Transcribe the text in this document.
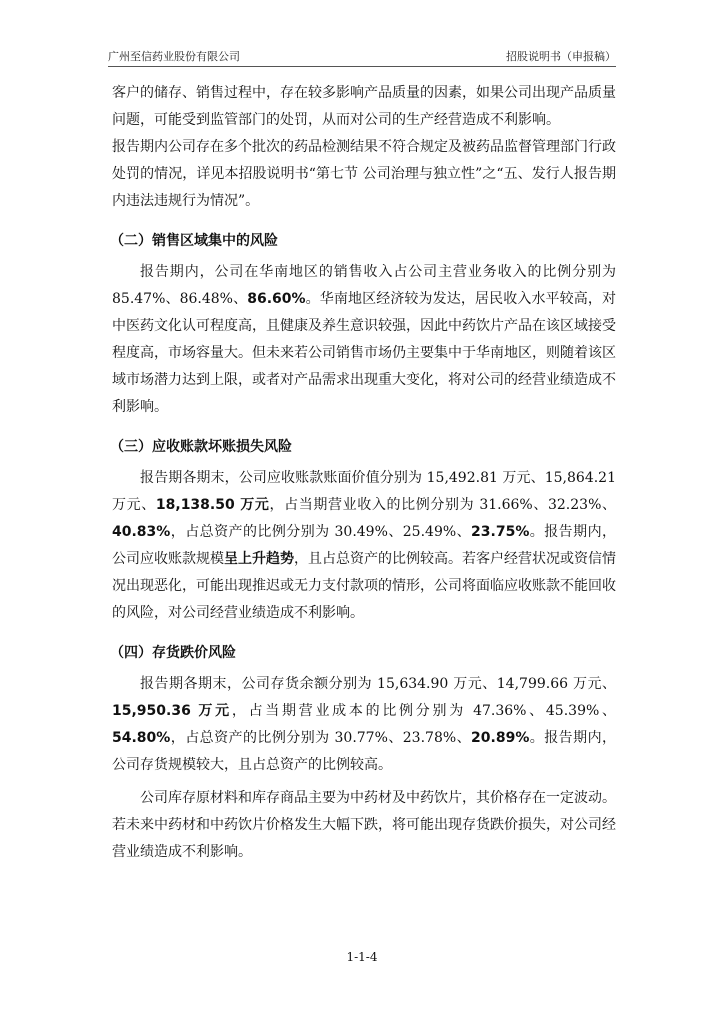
广州至信药业股份有限公司	招股说明书（申报稿）

客户的储存、销售过程中，存在较多影响产品质量的因素，如果公司出现产品质量问题，可能受到监管部门的处罚，从而对公司的生产经营造成不利影响。

报告期内公司存在多个批次的药品检测结果不符合规定及被药品监督管理部门行政处罚的情况，详见本招股说明书“第七节 公司治理与独立性”之“五、发行人报告期内违法违规行为情况”。

（二）销售区域集中的风险

报告期内，公司在华南地区的销售收入占公司主营业务收入的比例分别为85.47%、86.48%、86.60%。华南地区经济较为发达，居民收入水平较高，对中医药文化认可程度高，且健康及养生意识较强，因此中药饮片产品在该区域接受程度高，市场容量大。但未来若公司销售市场仍主要集中于华南地区，则随着该区域市场潜力达到上限，或者对产品需求出现重大变化，将对公司的经营业绩造成不利影响。

（三）应收账款坏账损失风险

报告期各期末，公司应收账款账面价值分别为 15,492.81 万元、15,864.21 万元、18,138.50 万元，占当期营业收入的比例分别为 31.66%、32.23%、40.83%，占总资产的比例分别为 30.49%、25.49%、23.75%。报告期内，公司应收账款规模呈上升趋势，且占总资产的比例较高。若客户经营状况或资信情况出现恶化，可能出现推迟或无力支付款项的情形，公司将面临应收账款不能回收的风险，对公司经营业绩造成不利影响。

（四）存货跌价风险

报告期各期末，公司存货余额分别为 15,634.90 万元、14,799.66 万元、15,950.36 万元，占当期营业成本的比例分别为 47.36%、45.39%、54.80%，占总资产的比例分别为 30.77%、23.78%、20.89%。报告期内，公司存货规模较大，且占总资产的比例较高。

公司库存原材料和库存商品主要为中药材及中药饮片，其价格存在一定波动。若未来中药材和中药饮片价格发生大幅下跌，将可能出现存货跌价损失，对公司经营业绩造成不利影响。

1-1-4
